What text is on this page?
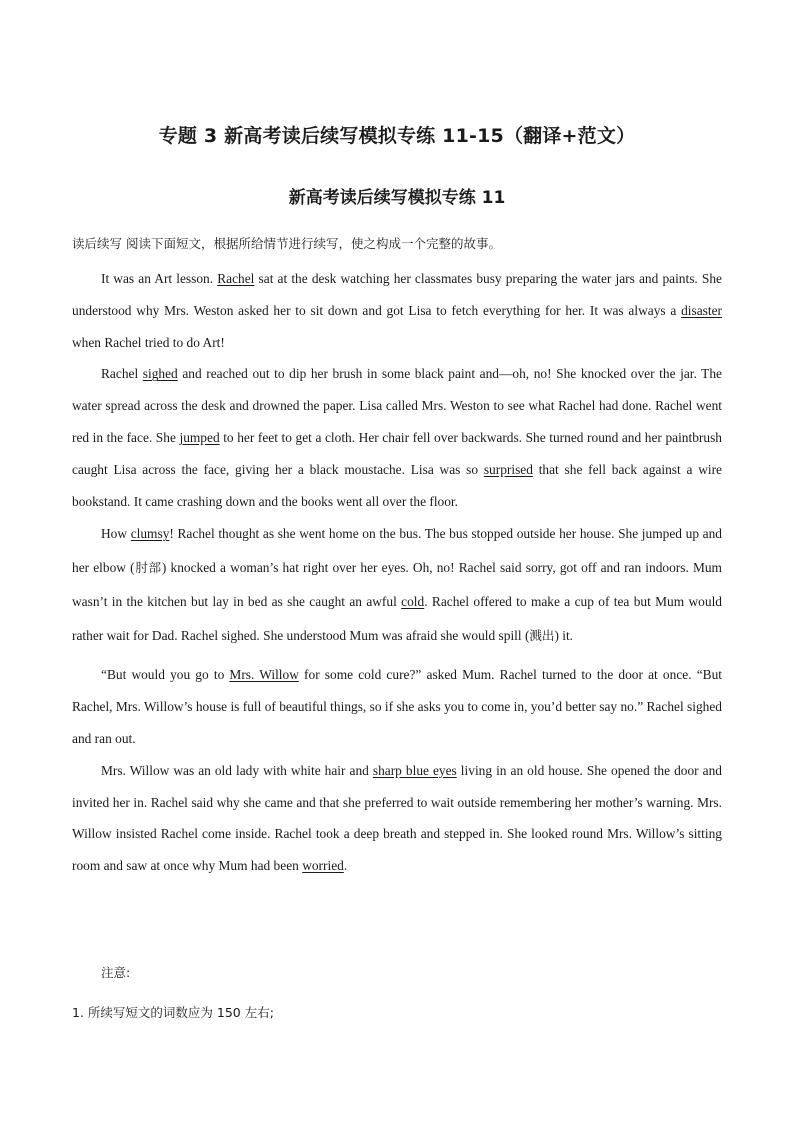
专题 3 新高考读后续写模拟专练 11-15（翻译+范文）
新高考读后续写模拟专练 11
读后续写 阅读下面短文，根据所给情节进行续写，使之构成一个完整的故事。

It was an Art lesson. Rachel sat at the desk watching her classmates busy preparing the water jars and paints. She understood why Mrs. Weston asked her to sit down and got Lisa to fetch everything for her. It was always a disaster when Rachel tried to do Art!

Rachel sighed and reached out to dip her brush in some black paint and—oh, no! She knocked over the jar. The water spread across the desk and drowned the paper. Lisa called Mrs. Weston to see what Rachel had done. Rachel went red in the face. She jumped to her feet to get a cloth. Her chair fell over backwards. She turned round and her paintbrush caught Lisa across the face, giving her a black moustache. Lisa was so surprised that she fell back against a wire bookstand. It came crashing down and the books went all over the floor.

How clumsy! Rachel thought as she went home on the bus. The bus stopped outside her house. She jumped up and her elbow (肘部) knocked a woman’s hat right over her eyes. Oh, no! Rachel said sorry, got off and ran indoors. Mum wasn’t in the kitchen but lay in bed as she caught an awful cold. Rachel offered to make a cup of tea but Mum would rather wait for Dad. Rachel sighed. She understood Mum was afraid she would spill (溅出) it.

“But would you go to Mrs. Willow for some cold cure?” asked Mum. Rachel turned to the door at once. “But Rachel, Mrs. Willow’s house is full of beautiful things, so if she asks you to come in, you’d better say no.” Rachel sighed and ran out.

Mrs. Willow was an old lady with white hair and sharp blue eyes living in an old house. She opened the door and invited her in. Rachel said why she came and that she preferred to wait outside remembering her mother’s warning. Mrs. Willow insisted Rachel come inside. Rachel took a deep breath and stepped in. She looked round Mrs. Willow’s sitting room and saw at once why Mum had been worried.

注意:
1. 所续写短文的词数应为 150 左右;
